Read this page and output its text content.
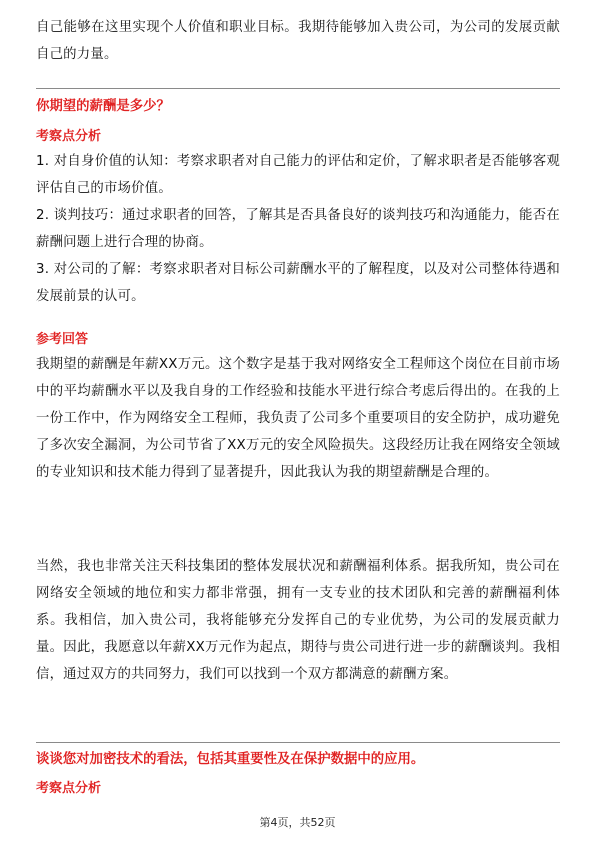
自己能够在这里实现个人价值和职业目标。我期待能够加入贵公司，为公司的发展贡献自己的力量。

你期望的薪酬是多少？
考察点分析

1. 对自身价值的认知：考察求职者对自己能力的评估和定价，了解求职者是否能够客观评估自己的市场价值。

2. 谈判技巧：通过求职者的回答，了解其是否具备良好的谈判技巧和沟通能力，能否在薪酬问题上进行合理的协商。

3. 对公司的了解：考察求职者对目标公司薪酬水平的了解程度，以及对公司整体待遇和发展前景的认可。

参考回答

我期望的薪酬是年薪XX万元。这个数字是基于我对网络安全工程师这个岗位在目前市场中的平均薪酬水平以及我自身的工作经验和技能水平进行综合考虑后得出的。在我的上一份工作中，作为网络安全工程师，我负责了公司多个重要项目的安全防护，成功避免了多次安全漏洞，为公司节省了XX万元的安全风险损失。这段经历让我在网络安全领域的专业知识和技术能力得到了显著提升，因此我认为我的期望薪酬是合理的。

当然，我也非常关注天科技集团的整体发展状况和薪酬福利体系。据我所知，贵公司在网络安全领域的地位和实力都非常强，拥有一支专业的技术团队和完善的薪酬福利体系。我相信，加入贵公司，我将能够充分发挥自己的专业优势，为公司的发展贡献力量。因此，我愿意以年薪XX万元作为起点，期待与贵公司进行进一步的薪酬谈判。我相信，通过双方的共同努力，我们可以找到一个双方都满意的薪酬方案。

谈谈您对加密技术的看法，包括其重要性及在保护数据中的应用。
考察点分析
第4页，共52页
